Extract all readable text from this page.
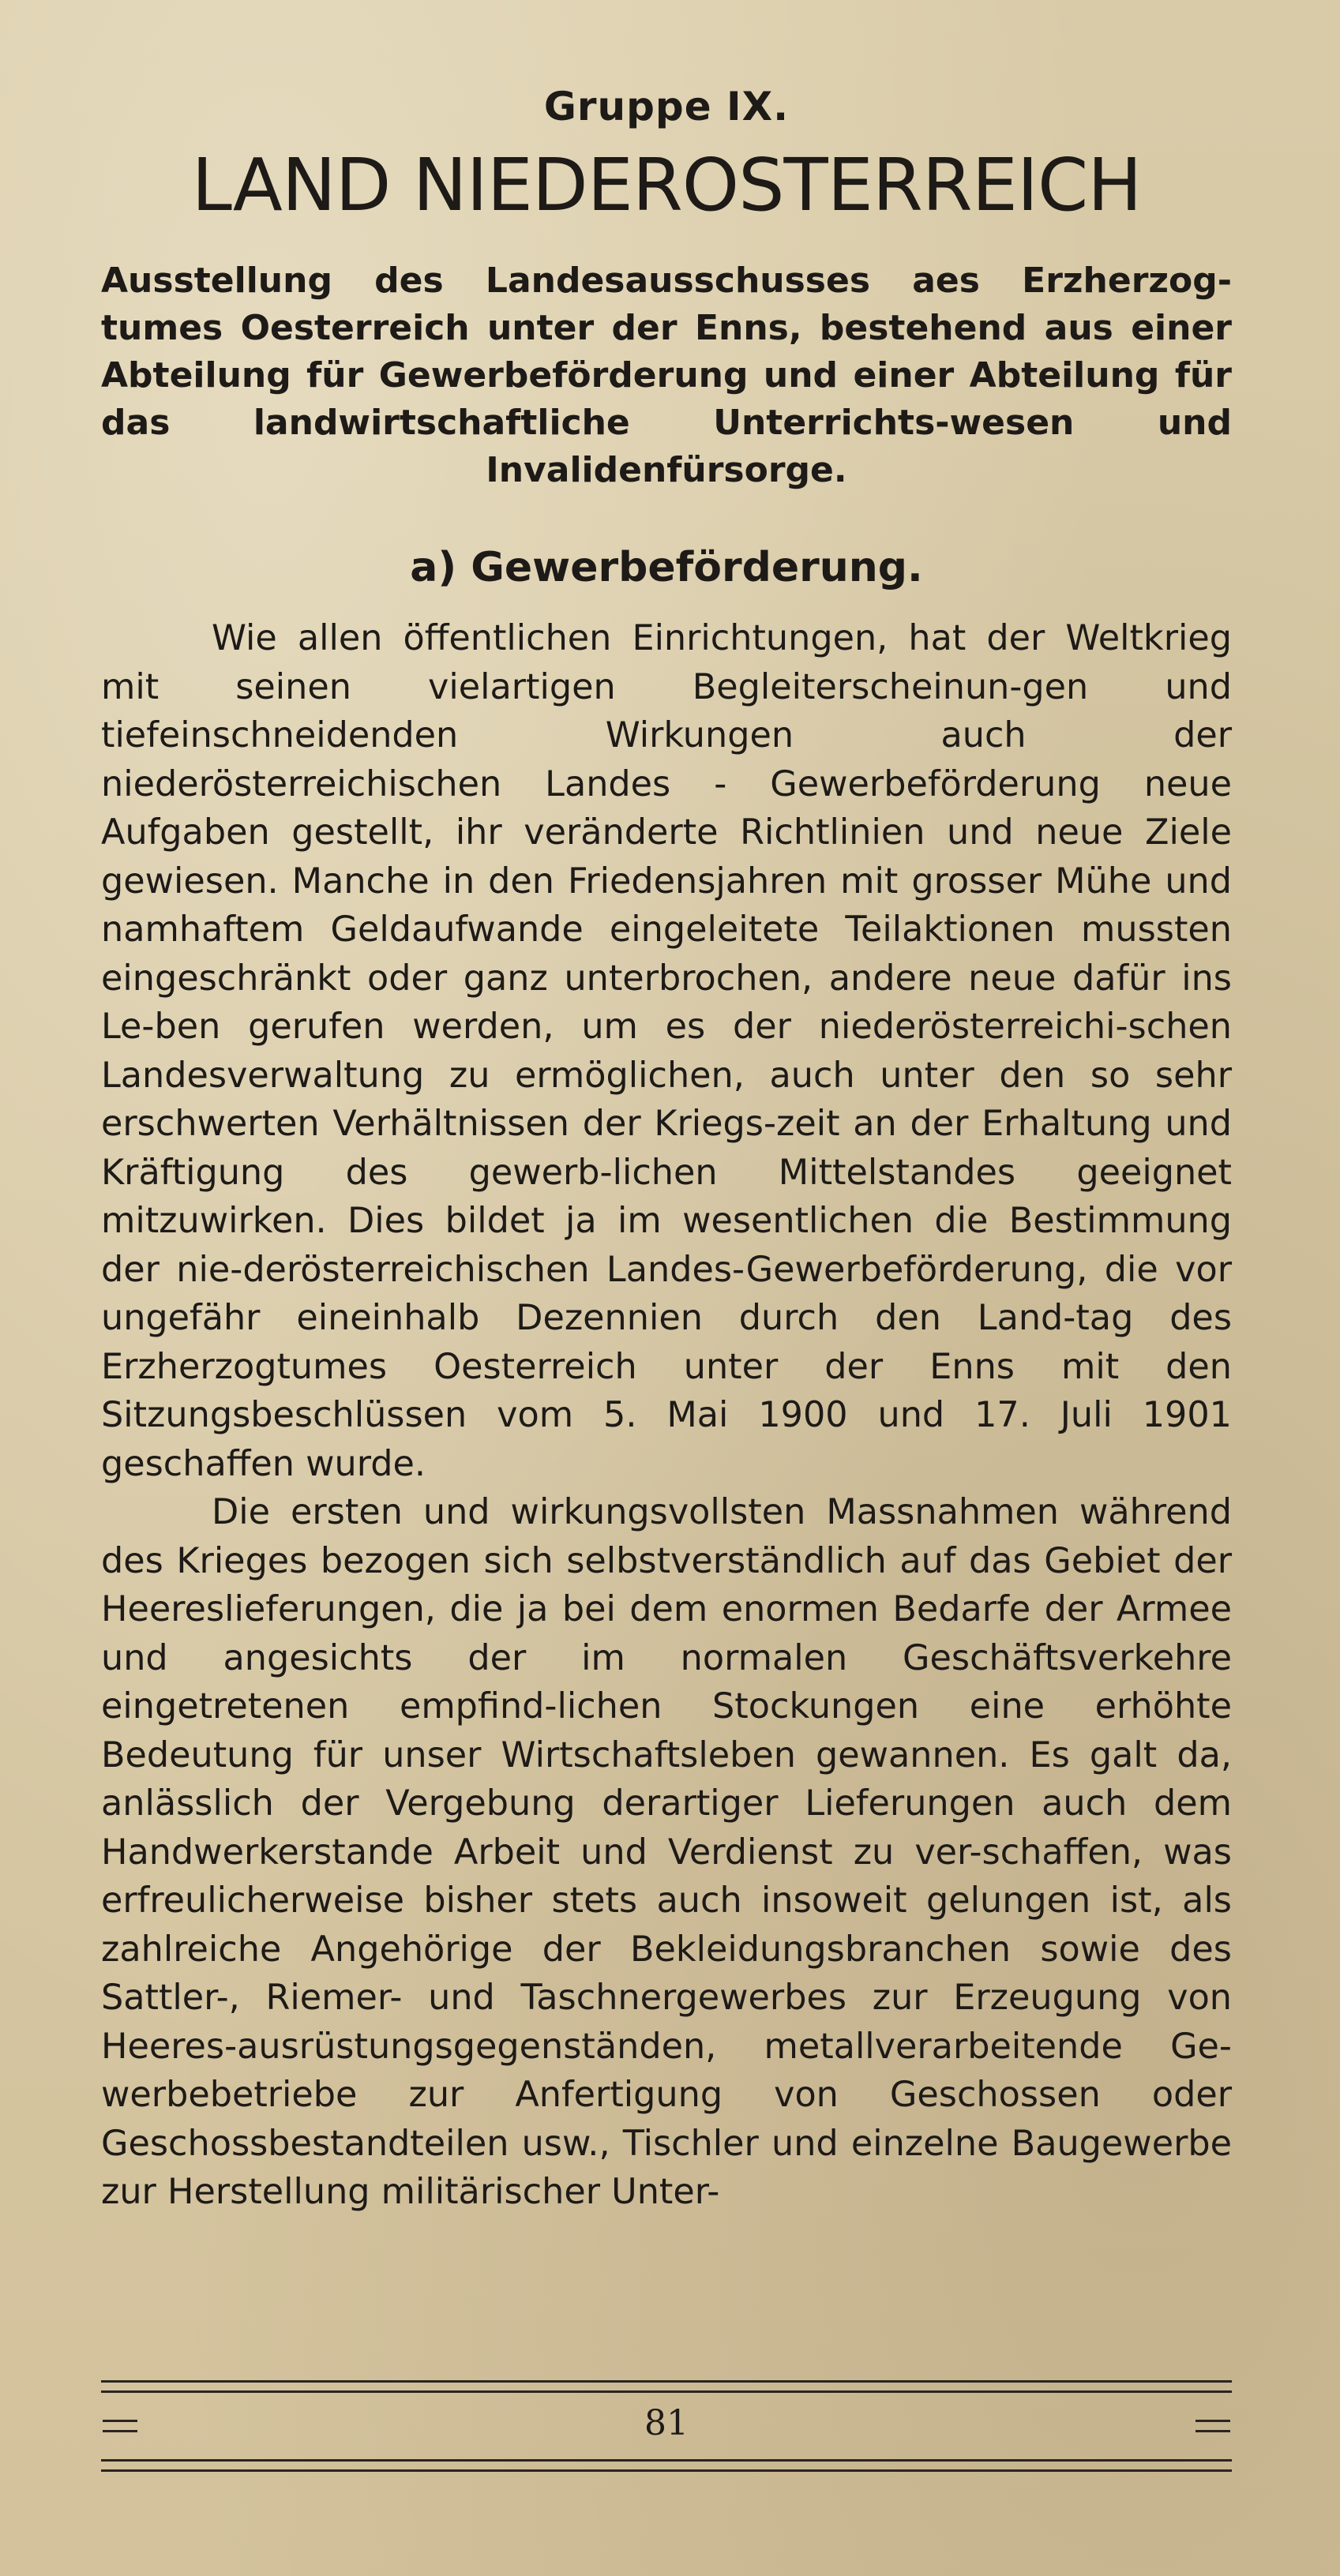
Gruppe IX.
LAND NIEDEROSTERREICH
Ausstellung des Landesausschusses aes Erzherzog-tumes Oesterreich unter der Enns, bestehend aus einer Abteilung für Gewerbeförderung und einer Abteilung für das landwirtschaftliche Unterrichts-wesen und Invalidenfürsorge.
a) Gewerbeförderung.

Wie allen öffentlichen Einrichtungen, hat der Weltkrieg mit seinen vielartigen Begleiterscheinun-gen und tiefeinschneidenden Wirkungen auch der niederösterreichischen Landes - Gewerbeförderung neue Aufgaben gestellt, ihr veränderte Richtlinien und neue Ziele gewiesen. Manche in den Friedensjahren mit grosser Mühe und namhaftem Geldaufwande eingeleitete Teilaktionen mussten eingeschränkt oder ganz unterbrochen, andere neue dafür ins Le-ben gerufen werden, um es der niederösterreichi-schen Landesverwaltung zu ermöglichen, auch unter den so sehr erschwerten Verhältnissen der Kriegs-zeit an der Erhaltung und Kräftigung des gewerb-lichen Mittelstandes geeignet mitzuwirken. Dies bildet ja im wesentlichen die Bestimmung der nie-derösterreichischen Landes-Gewerbeförderung, die vor ungefähr eineinhalb Dezennien durch den Land-tag des Erzherzogtumes Oesterreich unter der Enns mit den Sitzungsbeschlüssen vom 5. Mai 1900 und 17. Juli 1901 geschaffen wurde.

Die ersten und wirkungsvollsten Massnahmen während des Krieges bezogen sich selbstverständlich auf das Gebiet der Heereslieferungen, die ja bei dem enormen Bedarfe der Armee und angesichts der im normalen Geschäftsverkehre eingetretenen empfind-lichen Stockungen eine erhöhte Bedeutung für unser Wirtschaftsleben gewannen. Es galt da, anlässlich der Vergebung derartiger Lieferungen auch dem Handwerkerstande Arbeit und Verdienst zu ver-schaffen, was erfreulicherweise bisher stets auch insoweit gelungen ist, als zahlreiche Angehörige der Bekleidungsbranchen sowie des Sattler-, Riemer- und Taschnergewerbes zur Erzeugung von Heeres-ausrüstungsgegenständen, metallverarbeitende Ge-werbebetriebe zur Anfertigung von Geschossen oder Geschossbestandteilen usw., Tischler und einzelne Baugewerbe zur Herstellung militärischer Unter-

81
